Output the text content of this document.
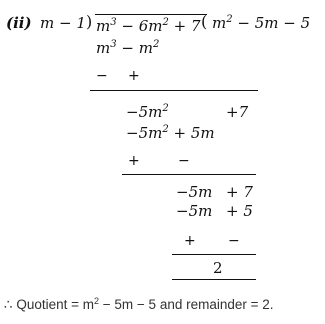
(ii) m − 1 ) $m^3 - 6m^2 + 7$ ( $m^2 - 5m - 5$
$m^3 - m^2$
− +
$-5m^2$	+7
$-5m^2 + 5m$
+	−
−5m + 7
−5m + 5
+ −
2
∴ Quotient = $m^2 - 5m - 5$ and remainder = 2.
